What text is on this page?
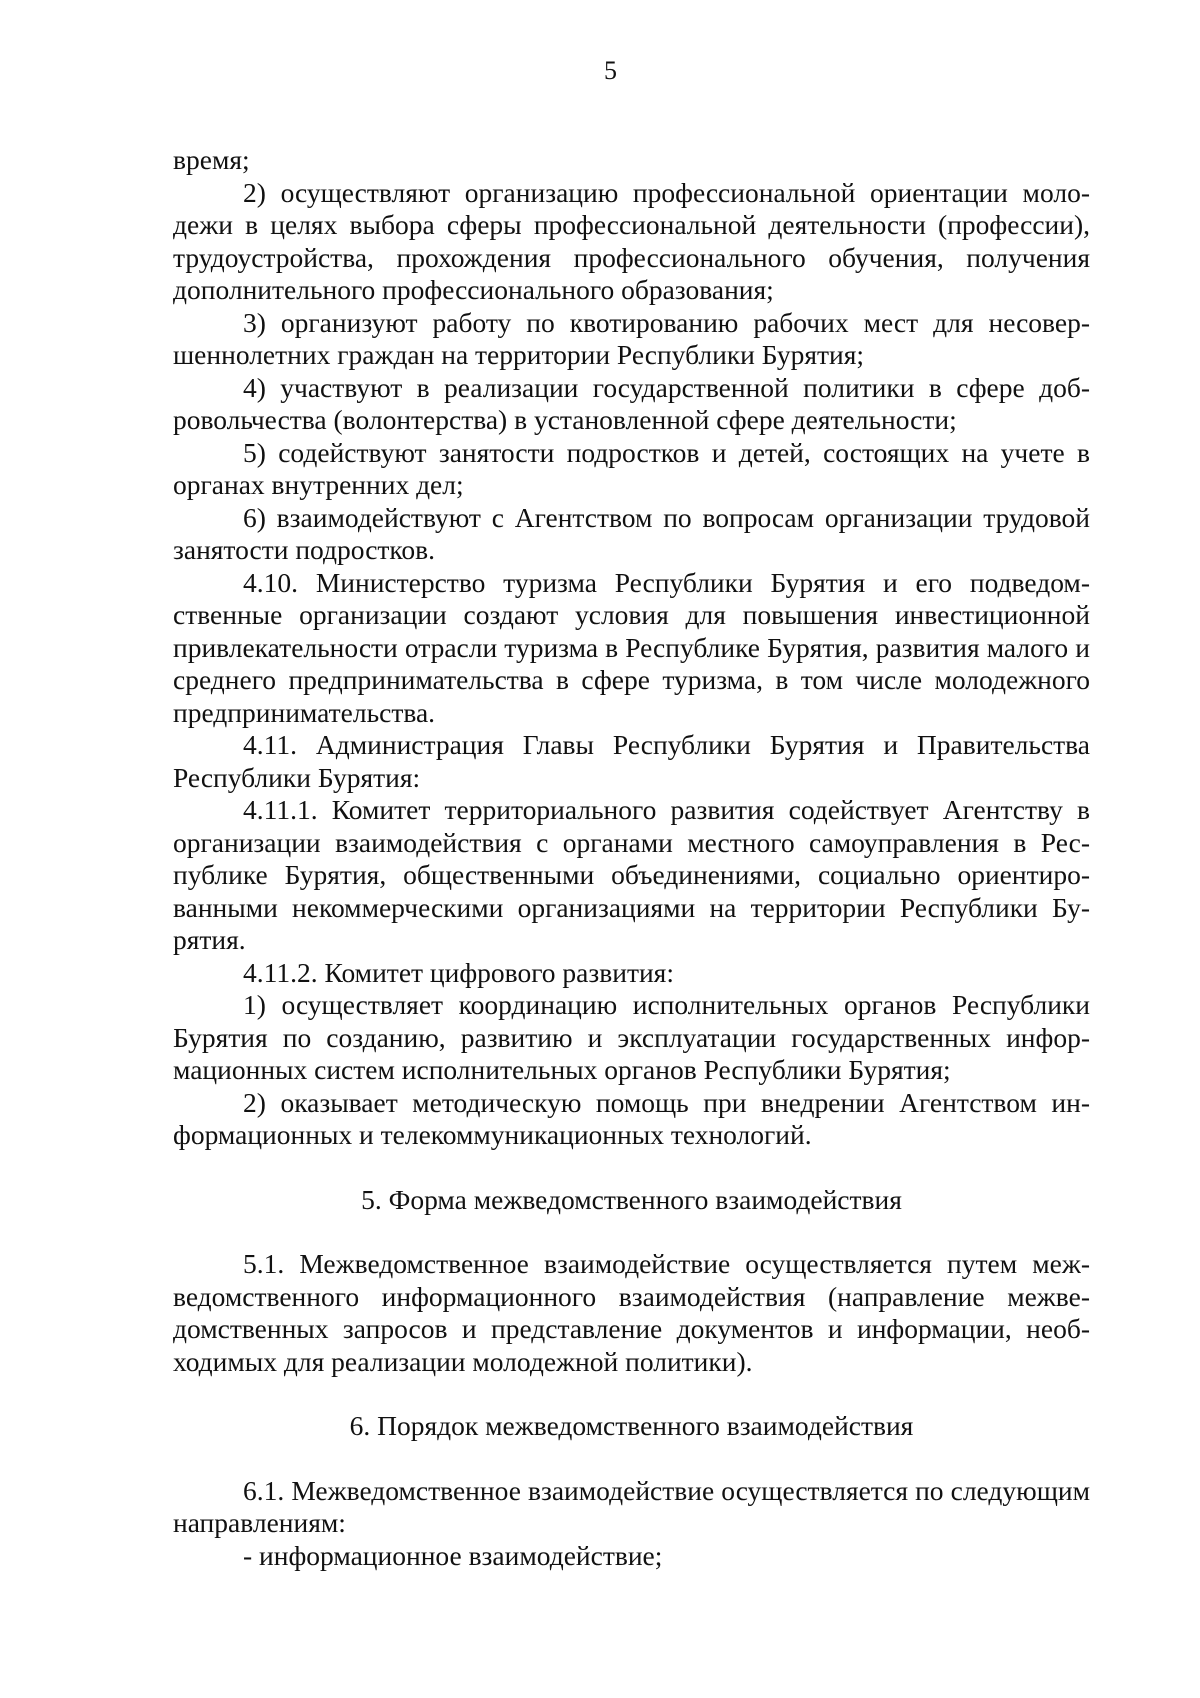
5

время;

2) осуществляют организацию профессиональной ориентации молодежи в целях выбора сферы профессиональной деятельности (профессии), трудоустройства, прохождения профессионального обучения, получения дополнительного профессионального образования;

3) организуют работу по квотированию рабочих мест для несовершеннолетних граждан на территории Республики Бурятия;

4) участвуют в реализации государственной политики в сфере добровольчества (волонтерства) в установленной сфере деятельности;

5) содействуют занятости подростков и детей, состоящих на учете в органах внутренних дел;

6) взаимодействуют с Агентством по вопросам организации трудовой занятости подростков.

4.10. Министерство туризма Республики Бурятия и его подведомственные организации создают условия для повышения инвестиционной привлекательности отрасли туризма в Республике Бурятия, развития малого и среднего предпринимательства в сфере туризма, в том числе молодежного предпринимательства.

4.11. Администрация Главы Республики Бурятия и Правительства Республики Бурятия:

4.11.1. Комитет территориального развития содействует Агентству в организации взаимодействия с органами местного самоуправления в Республике Бурятия, общественными объединениями, социально ориентированными некоммерческими организациями на территории Республики Бурятия.

4.11.2. Комитет цифрового развития:

1) осуществляет координацию исполнительных органов Республики Бурятия по созданию, развитию и эксплуатации государственных информационных систем исполнительных органов Республики Бурятия;

2) оказывает методическую помощь при внедрении Агентством информационных и телекоммуникационных технологий.

5. Форма межведомственного взаимодействия

5.1. Межведомственное взаимодействие осуществляется путем межведомственного информационного взаимодействия (направление межведомственных запросов и представление документов и информации, необходимых для реализации молодежной политики).

6. Порядок межведомственного взаимодействия

6.1. Межведомственное взаимодействие осуществляется по следующим направлениям:

- информационное взаимодействие;
